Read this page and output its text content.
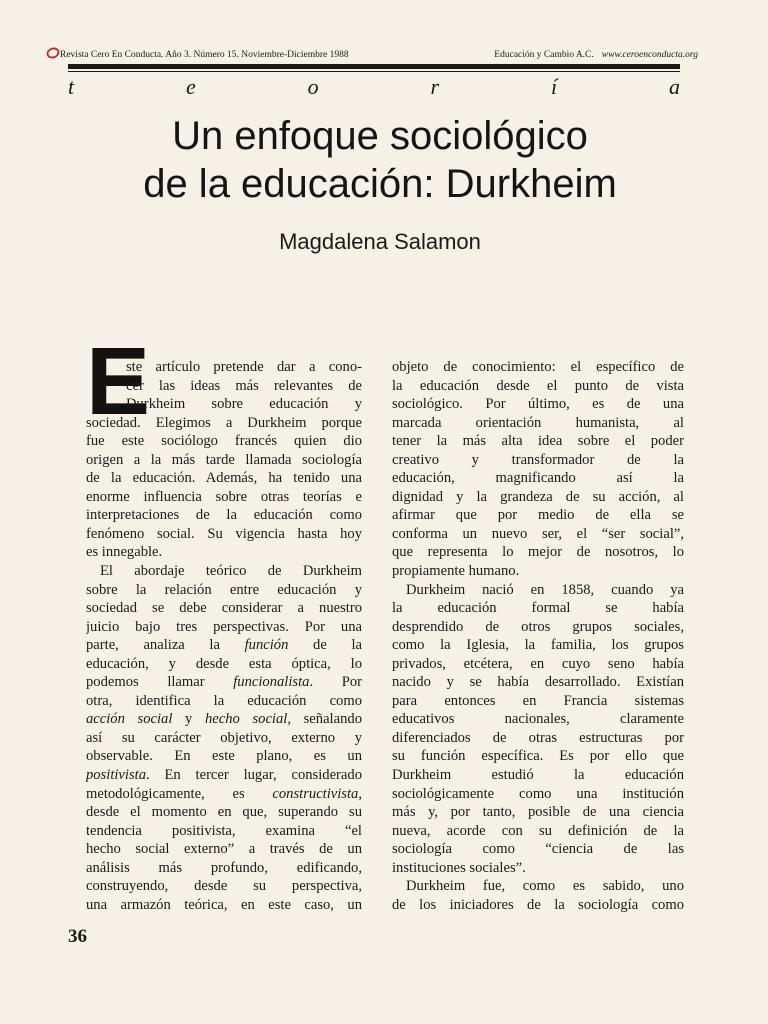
Revista Cero En Conducta. Año 3. Número 15. Noviembre-Diciembre 1988	Educación y Cambio A.C. www.ceroenconducta.org
t	e	o	r	í	a
Un enfoque sociológico
de la educación: Durkheim
Magdalena Salamon
E
ste artículo pretende dar a cono-
cer las ideas más relevantes de
Durkheim sobre educación y
sociedad. Elegimos a Durkheim porque
fue este sociólogo francés quien dio
origen a la más tarde llamada sociología
de la educación. Además, ha tenido una
enorme influencia sobre otras teorías e
interpretaciones de la educación como
fenómeno social. Su vigencia hasta hoy
es innegable.
El abordaje teórico de Durkheim
sobre la relación entre educación y
sociedad se debe considerar a nuestro
juicio bajo tres perspectivas. Por una
parte, analiza la función de la
educación, y desde esta óptica, lo
podemos llamar funcionalista. Por
otra, identifica la educación como
acción social y hecho social, señalando
así su carácter objetivo, externo y
observable. En este plano, es un
positivista. En tercer lugar, considerado
metodológicamente, es constructivista,
desde el momento en que, superando su
tendencia positivista, examina “el
hecho social externo” a través de un
análisis más profundo, edificando,
construyendo, desde su perspectiva,
una armazón teórica, en este caso, un
objeto de conocimiento: el específico de
la educación desde el punto de vista
sociológico. Por último, es de una
marcada orientación humanista, al
tener la más alta idea sobre el poder
creativo y transformador de la
educación, magnificando así la
dignidad y la grandeza de su acción, al
afirmar que por medio de ella se
conforma un nuevo ser, el “ser social”,
que representa lo mejor de nosotros, lo
propiamente humano.
Durkheim nació en 1858, cuando ya
la educación formal se había
desprendido de otros grupos sociales,
como la Iglesia, la familia, los grupos
privados, etcétera, en cuyo seno había
nacido y se había desarrollado. Existían
para entonces en Francia sistemas
educativos nacionales, claramente
diferenciados de otras estructuras por
su función específica. Es por ello que
Durkheim estudió la educación
sociológicamente como una institución
más y, por tanto, posible de una ciencia
nueva, acorde con su definición de la
sociología como “ciencia de las
instituciones sociales”.
Durkheim fue, como es sabido, uno
de los iniciadores de la sociología como
36
